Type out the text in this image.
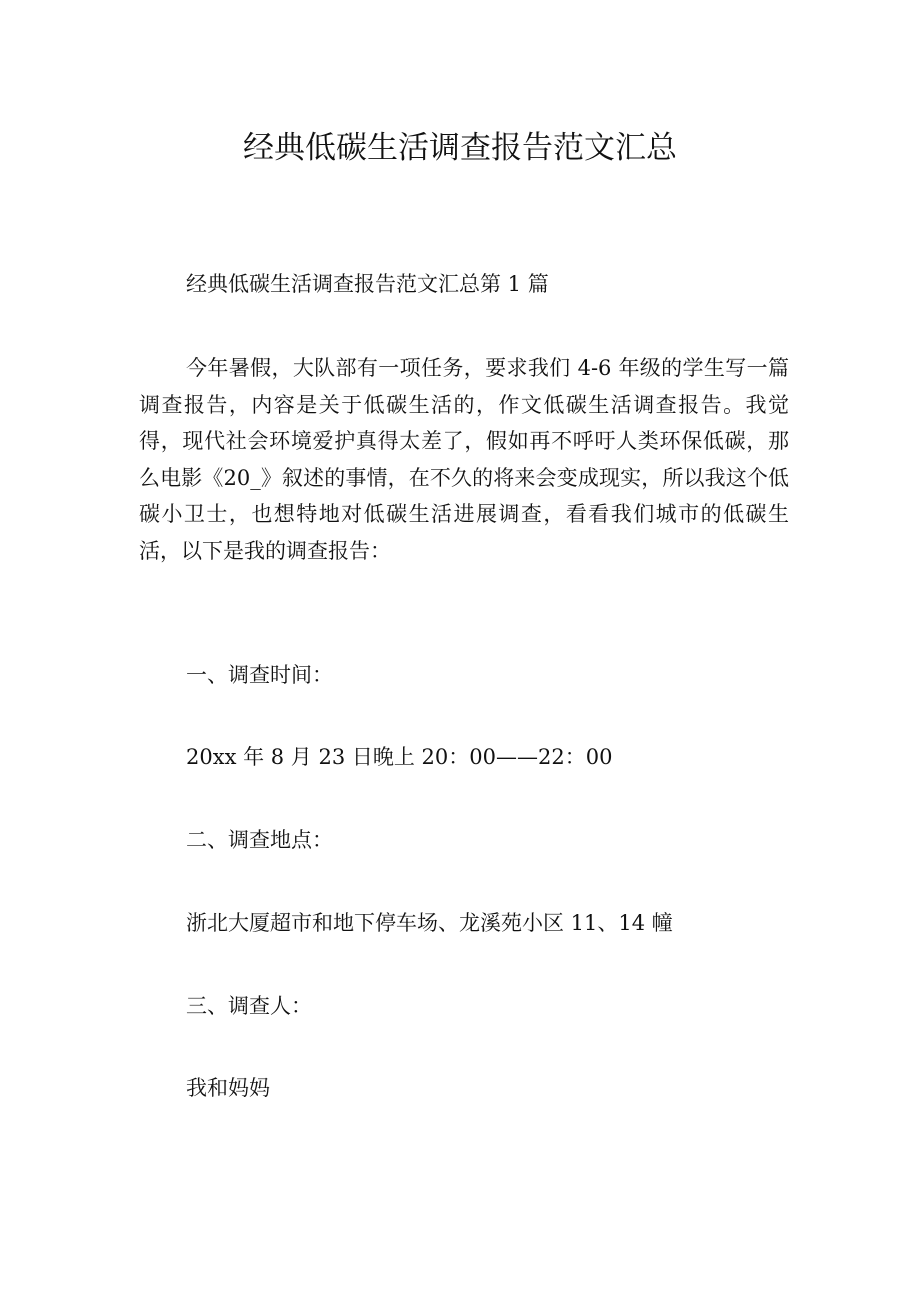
经典低碳生活调查报告范文汇总

经典低碳生活调查报告范文汇总第 1 篇

今年暑假，大队部有一项任务，要求我们 4-6 年级的学生写一篇调查报告，内容是关于低碳生活的，作文低碳生活调查报告。我觉得，现代社会环境爱护真得太差了，假如再不呼吁人类环保低碳，那么电影《20_》叙述的事情，在不久的将来会变成现实，所以我这个低碳小卫士，也想特地对低碳生活进展调查，看看我们城市的低碳生活，以下是我的调查报告：

一、调查时间：

20xx 年 8 月 23 日晚上 20：00——22：00

二、调查地点：

浙北大厦超市和地下停车场、龙溪苑小区 11、14 幢

三、调查人：

我和妈妈
